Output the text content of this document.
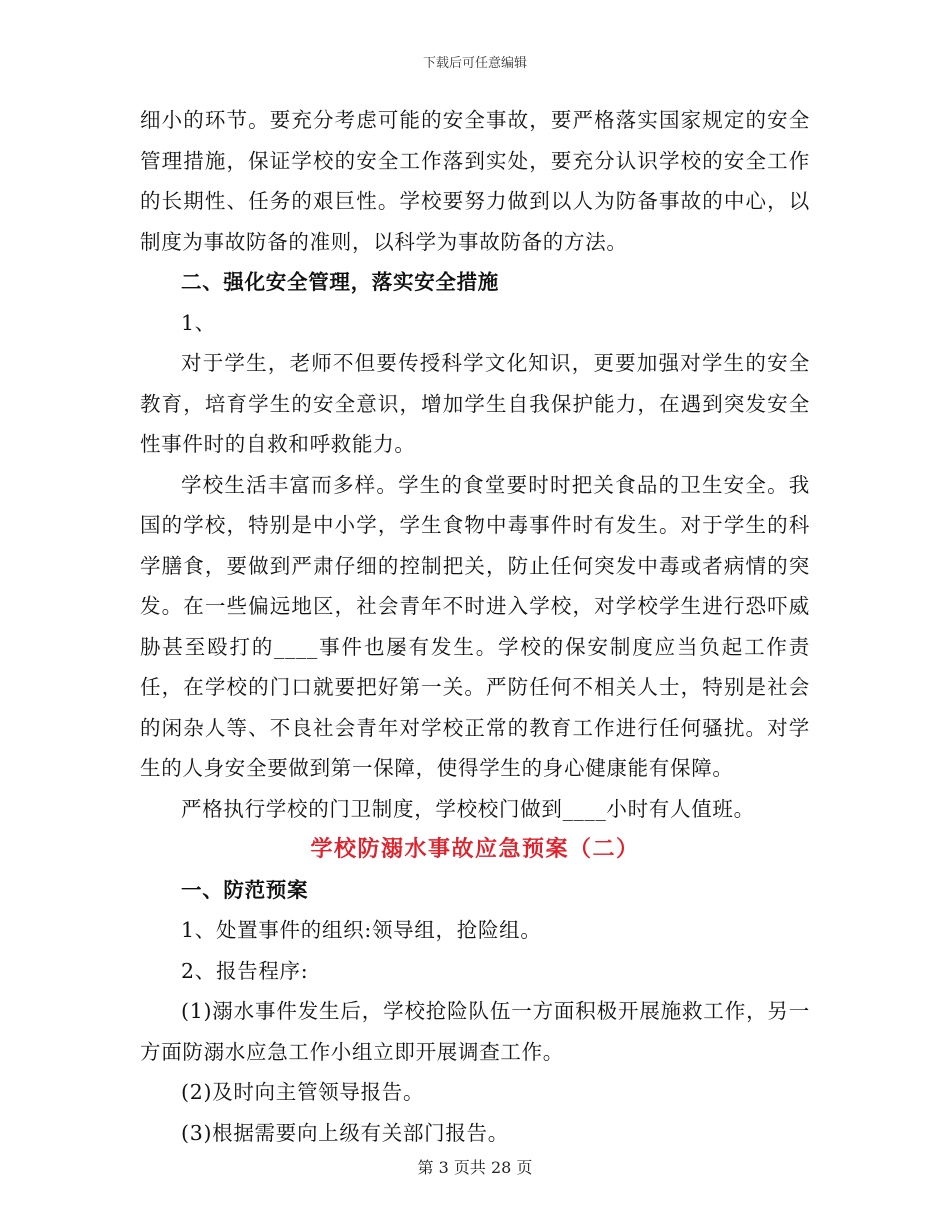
下载后可任意编辑

细小的环节。要充分考虑可能的安全事故，要严格落实国家规定的安全管理措施，保证学校的安全工作落到实处，要充分认识学校的安全工作的长期性、任务的艰巨性。学校要努力做到以人为防备事故的中心，以制度为事故防备的准则，以科学为事故防备的方法。

二、强化安全管理，落实安全措施

1、

对于学生，老师不但要传授科学文化知识，更要加强对学生的安全教育，培育学生的安全意识，增加学生自我保护能力，在遇到突发安全性事件时的自救和呼救能力。

学校生活丰富而多样。学生的食堂要时时把关食品的卫生安全。我国的学校，特别是中小学，学生食物中毒事件时有发生。对于学生的科学膳食，要做到严肃仔细的控制把关，防止任何突发中毒或者病情的突发。在一些偏远地区，社会青年不时进入学校，对学校学生进行恐吓威胁甚至殴打的____事件也屡有发生。学校的保安制度应当负起工作责任，在学校的门口就要把好第一关。严防任何不相关人士，特别是社会的闲杂人等、不良社会青年对学校正常的教育工作进行任何骚扰。对学生的人身安全要做到第一保障，使得学生的身心健康能有保障。

严格执行学校的门卫制度，学校校门做到____小时有人值班。

学校防溺水事故应急预案（二）

一、防范预案

1、处置事件的组织:领导组，抢险组。

2、报告程序:

(1)溺水事件发生后，学校抢险队伍一方面积极开展施救工作，另一方面防溺水应急工作小组立即开展调查工作。

(2)及时向主管领导报告。

(3)根据需要向上级有关部门报告。

第 3 页共 28 页
